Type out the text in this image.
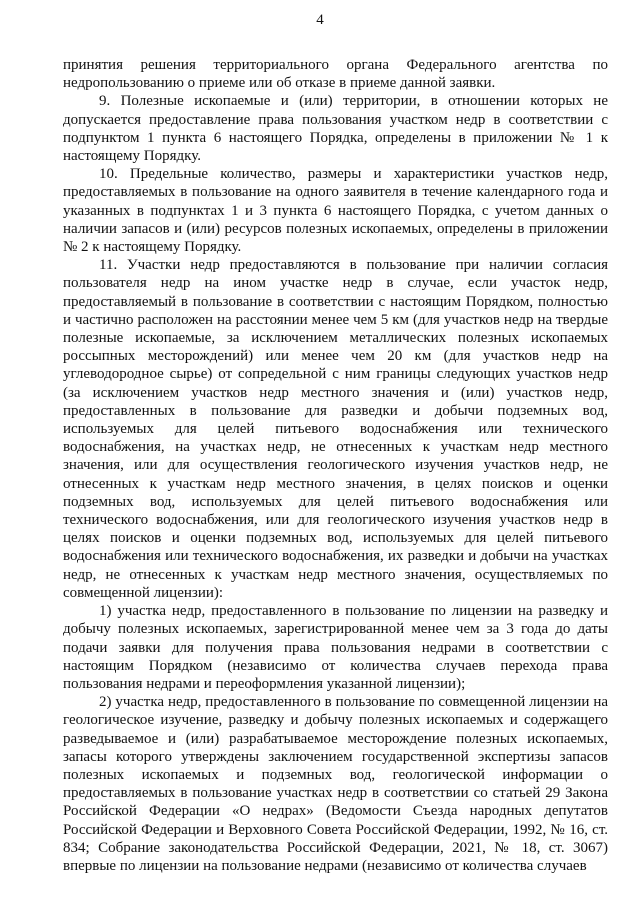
4

принятия решения территориального органа Федерального агентства по недропользованию о приеме или об отказе в приеме данной заявки.

9. Полезные ископаемые и (или) территории, в отношении которых не допускается предоставление права пользования участком недр в соответствии с подпунктом 1 пункта 6 настоящего Порядка, определены в приложении № 1 к настоящему Порядку.

10. Предельные количество, размеры и характеристики участков недр, предоставляемых в пользование на одного заявителя в течение календарного года и указанных в подпунктах 1 и 3 пункта 6 настоящего Порядка, с учетом данных о наличии запасов и (или) ресурсов полезных ископаемых, определены в приложении № 2 к настоящему Порядку.

11. Участки недр предоставляются в пользование при наличии согласия пользователя недр на ином участке недр в случае, если участок недр, предоставляемый в пользование в соответствии с настоящим Порядком, полностью и частично расположен на расстоянии менее чем 5 км (для участков недр на твердые полезные ископаемые, за исключением металлических полезных ископаемых россыпных месторождений) или менее чем 20 км (для участков недр на углеводородное сырье) от сопредельной с ним границы следующих участков недр (за исключением участков недр местного значения и (или) участков недр, предоставленных в пользование для разведки и добычи подземных вод, используемых для целей питьевого водоснабжения или технического водоснабжения, на участках недр, не отнесенных к участкам недр местного значения, или для осуществления геологического изучения участков недр, не отнесенных к участкам недр местного значения, в целях поисков и оценки подземных вод, используемых для целей питьевого водоснабжения или технического водоснабжения, или для геологического изучения участков недр в целях поисков и оценки подземных вод, используемых для целей питьевого водоснабжения или технического водоснабжения, их разведки и добычи на участках недр, не отнесенных к участкам недр местного значения, осуществляемых по совмещенной лицензии):

1) участка недр, предоставленного в пользование по лицензии на разведку и добычу полезных ископаемых, зарегистрированной менее чем за 3 года до даты подачи заявки для получения права пользования недрами в соответствии с настоящим Порядком (независимо от количества случаев перехода права пользования недрами и переоформления указанной лицензии);

2) участка недр, предоставленного в пользование по совмещенной лицензии на геологическое изучение, разведку и добычу полезных ископаемых и содержащего разведываемое и (или) разрабатываемое месторождение полезных ископаемых, запасы которого утверждены заключением государственной экспертизы запасов полезных ископаемых и подземных вод, геологической информации о предоставляемых в пользование участках недр в соответствии со статьей 29 Закона Российской Федерации «О недрах» (Ведомости Съезда народных депутатов Российской Федерации и Верховного Совета Российской Федерации, 1992, № 16, ст. 834; Собрание законодательства Российской Федерации, 2021, № 18, ст. 3067) впервые по лицензии на пользование недрами (независимо от количества случаев
